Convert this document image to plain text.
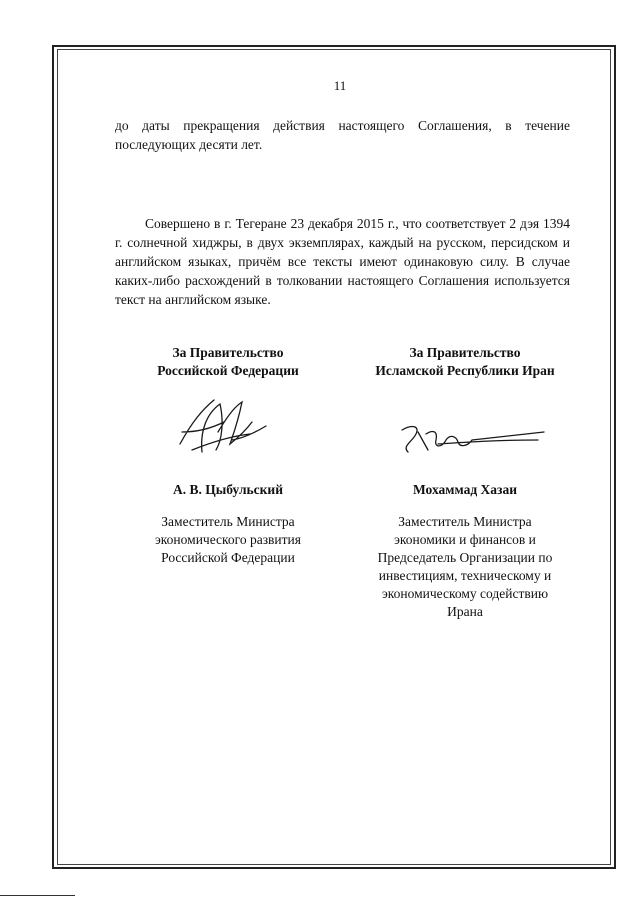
11

до даты прекращения действия настоящего Соглашения, в течение последующих десяти лет.

Совершено в г. Тегеране 23 декабря 2015 г., что соответствует 2 дэя 1394 г. солнечной хиджры, в двух экземплярах, каждый на русском, персидском и английском языках, причём все тексты имеют одинаковую силу. В случае каких-либо расхождений в толковании настоящего Соглашения используется текст на английском языке.

За Правительство
Российской Федерации
А. В. Цыбульский
Заместитель Министра
экономического развития
Российской Федерации
За Правительство
Исламской Республики Иран
Мохаммад Хазаи
Заместитель Министра
экономики и финансов и
Председатель Организации по
инвестициям, техническому и
экономическому содействию
Ирана
